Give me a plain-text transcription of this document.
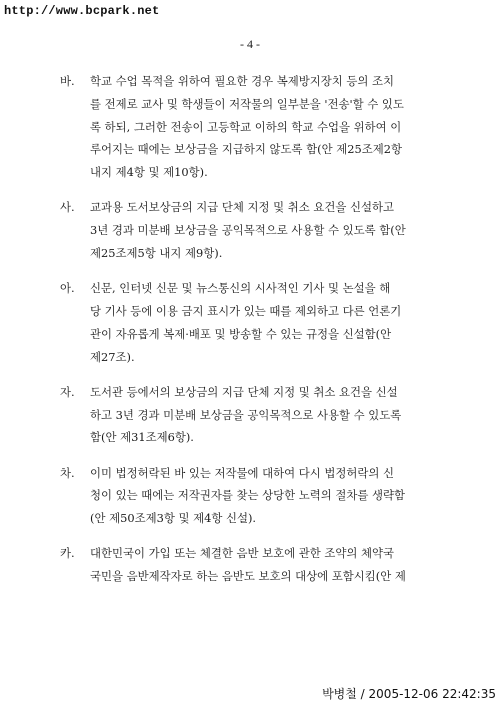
http://www.bcpark.net
- 4 -
바. 학교 수업 목적을 위하여 필요한 경우 복제방지장치 등의 조치
를 전제로 교사 및 학생들이 저작물의 일부분을 '전송'할 수 있도
록 하되, 그러한 전송이 고등학교 이하의 학교 수업을 위하여 이
루어지는 때에는 보상금을 지급하지 않도록 함(안 제25조제2항
내지 제4항 및 제10항).
사. 교과용 도서보상금의 지급 단체 지정 및 취소 요건을 신설하고
3년 경과 미분배 보상금을 공익목적으로 사용할 수 있도록 함(안
제25조제5항 내지 제9항).
아. 신문, 인터넷 신문 및 뉴스통신의 시사적인 기사 및 논설을 해
당 기사 등에 이용 금지 표시가 있는 때를 제외하고 다른 언론기
관이 자유롭게 복제·배포 및 방송할 수 있는 규정을 신설함(안
제27조).
자. 도서관 등에서의 보상금의 지급 단체 지정 및 취소 요건을 신설
하고 3년 경과 미분배 보상금을 공익목적으로 사용할 수 있도록
함(안 제31조제6항).
차. 이미 법정허락된 바 있는 저작물에 대하여 다시 법정허락의 신
청이 있는 때에는 저작권자를 찾는 상당한 노력의 절차를 생략함
(안 제50조제3항 및 제4항 신설).
카. 대한민국이 가입 또는 체결한 음반 보호에 관한 조약의 체약국
국민을 음반제작자로 하는 음반도 보호의 대상에 포함시킴(안 제
박병철 / 2005-12-06 22:42:35
